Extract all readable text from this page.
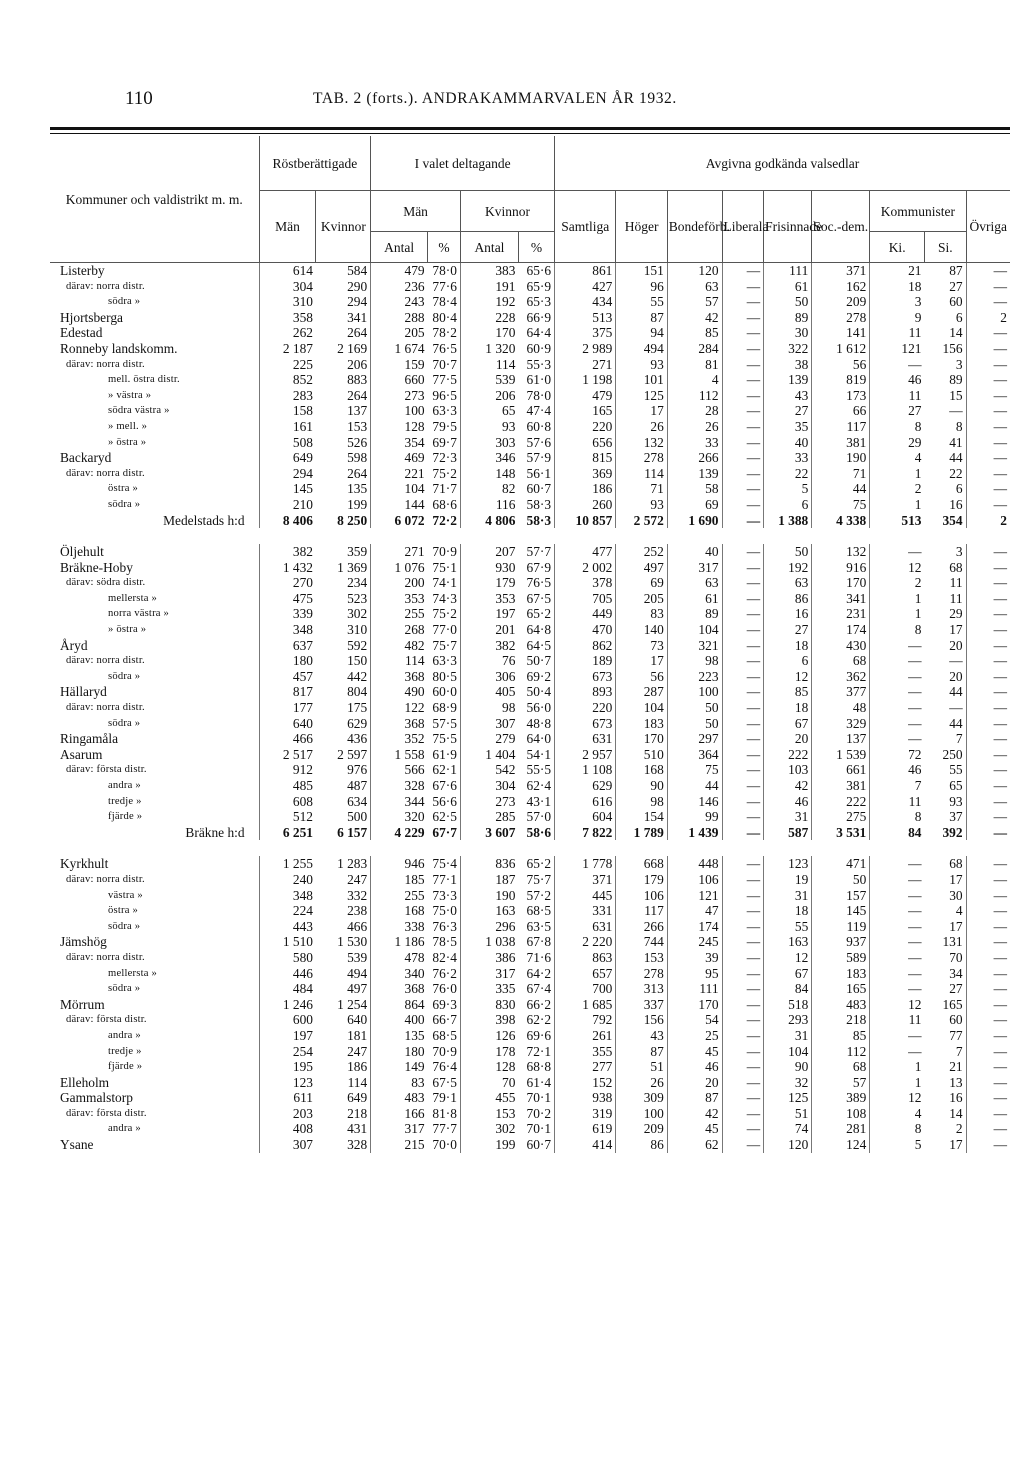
110	TAB. 2 (forts.). ANDRAKAMMARVALEN ÅR 1932.
Kommuner och valdistrikt m. m.	Röstberättigade		I valet deltagande				Avgivna godkända valsedlar								
	Män	Kvinnor	Män		Kvinnor		Samtliga	Höger	Bondeförb.	Liberala	Frisinnade	Soc.-dem.	Kommunister		Övriga
			Antal	%	Antal	%							Ki.	Si.	
Listerby	614	584	479	78·0	383	65·6	861	151	120	—	111	371	21	87	—
därav: norra distr.	304	290	236	77·6	191	65·9	427	96	63	—	61	162	18	27	—
södra »	310	294	243	78·4	192	65·3	434	55	57	—	50	209	3	60	—
Hjortsberga	358	341	288	80·4	228	66·9	513	87	42	—	89	278	9	6	2
Edestad	262	264	205	78·2	170	64·4	375	94	85	—	30	141	11	14	—
Ronneby landskomm.	2 187	2 169	1 674	76·5	1 320	60·9	2 989	494	284	—	322	1 612	121	156	—
därav: norra distr.	225	206	159	70·7	114	55·3	271	93	81	—	38	56	—	3	—
mell. östra distr.	852	883	660	77·5	539	61·0	1 198	101	4	—	139	819	46	89	—
» västra »	283	264	273	96·5	206	78·0	479	125	112	—	43	173	11	15	—
södra västra »	158	137	100	63·3	65	47·4	165	17	28	—	27	66	27	—	—
» mell. »	161	153	128	79·5	93	60·8	220	26	26	—	35	117	8	8	—
» östra »	508	526	354	69·7	303	57·6	656	132	33	—	40	381	29	41	—
Backaryd	649	598	469	72·3	346	57·9	815	278	266	—	33	190	4	44	—
därav: norra distr.	294	264	221	75·2	148	56·1	369	114	139	—	22	71	1	22	—
östra »	145	135	104	71·7	82	60·7	186	71	58	—	5	44	2	6	—
södra »	210	199	144	68·6	116	58·3	260	93	69	—	6	75	1	16	—
Medelstads h:d	8 406	8 250	6 072	72·2	4 806	58·3	10 857	2 572	1 690	—	1 388	4 338	513	354	2

Öljehult	382	359	271	70·9	207	57·7	477	252	40	—	50	132	—	3	—
Bräkne-Hoby	1 432	1 369	1 076	75·1	930	67·9	2 002	497	317	—	192	916	12	68	—
därav: södra distr.	270	234	200	74·1	179	76·5	378	69	63	—	63	170	2	11	—
mellersta »	475	523	353	74·3	353	67·5	705	205	61	—	86	341	1	11	—
norra västra »	339	302	255	75·2	197	65·2	449	83	89	—	16	231	1	29	—
» östra »	348	310	268	77·0	201	64·8	470	140	104	—	27	174	8	17	—
Åryd	637	592	482	75·7	382	64·5	862	73	321	—	18	430	—	20	—
därav: norra distr.	180	150	114	63·3	76	50·7	189	17	98	—	6	68	—	—	—
södra »	457	442	368	80·5	306	69·2	673	56	223	—	12	362	—	20	—
Hällaryd	817	804	490	60·0	405	50·4	893	287	100	—	85	377	—	44	—
därav: norra distr.	177	175	122	68·9	98	56·0	220	104	50	—	18	48	—	—	—
södra »	640	629	368	57·5	307	48·8	673	183	50	—	67	329	—	44	—
Ringamåla	466	436	352	75·5	279	64·0	631	170	297	—	20	137	—	7	—
Asarum	2 517	2 597	1 558	61·9	1 404	54·1	2 957	510	364	—	222	1 539	72	250	—
därav: första distr.	912	976	566	62·1	542	55·5	1 108	168	75	—	103	661	46	55	—
andra »	485	487	328	67·6	304	62·4	629	90	44	—	42	381	7	65	—
tredje »	608	634	344	56·6	273	43·1	616	98	146	—	46	222	11	93	—
fjärde »	512	500	320	62·5	285	57·0	604	154	99	—	31	275	8	37	—
Bräkne h:d	6 251	6 157	4 229	67·7	3 607	58·6	7 822	1 789	1 439	—	587	3 531	84	392	—

Kyrkhult	1 255	1 283	946	75·4	836	65·2	1 778	668	448	—	123	471	—	68	—
därav: norra distr.	240	247	185	77·1	187	75·7	371	179	106	—	19	50	—	17	—
västra »	348	332	255	73·3	190	57·2	445	106	121	—	31	157	—	30	—
östra »	224	238	168	75·0	163	68·5	331	117	47	—	18	145	—	4	—
södra »	443	466	338	76·3	296	63·5	631	266	174	—	55	119	—	17	—
Jämshög	1 510	1 530	1 186	78·5	1 038	67·8	2 220	744	245	—	163	937	—	131	—
därav: norra distr.	580	539	478	82·4	386	71·6	863	153	39	—	12	589	—	70	—
mellersta »	446	494	340	76·2	317	64·2	657	278	95	—	67	183	—	34	—
södra »	484	497	368	76·0	335	67·4	700	313	111	—	84	165	—	27	—
Mörrum	1 246	1 254	864	69·3	830	66·2	1 685	337	170	—	518	483	12	165	—
därav: första distr.	600	640	400	66·7	398	62·2	792	156	54	—	293	218	11	60	—
andra »	197	181	135	68·5	126	69·6	261	43	25	—	31	85	—	77	—
tredje »	254	247	180	70·9	178	72·1	355	87	45	—	104	112	—	7	—
fjärde »	195	186	149	76·4	128	68·8	277	51	46	—	90	68	1	21	—
Elleholm	123	114	83	67·5	70	61·4	152	26	20	—	32	57	1	13	—
Gammalstorp	611	649	483	79·1	455	70·1	938	309	87	—	125	389	12	16	—
därav: första distr.	203	218	166	81·8	153	70·2	319	100	42	—	51	108	4	14	—
andra »	408	431	317	77·7	302	70·1	619	209	45	—	74	281	8	2	—
Ysane	307	328	215	70·0	199	60·7	414	86	62	—	120	124	5	17	—
